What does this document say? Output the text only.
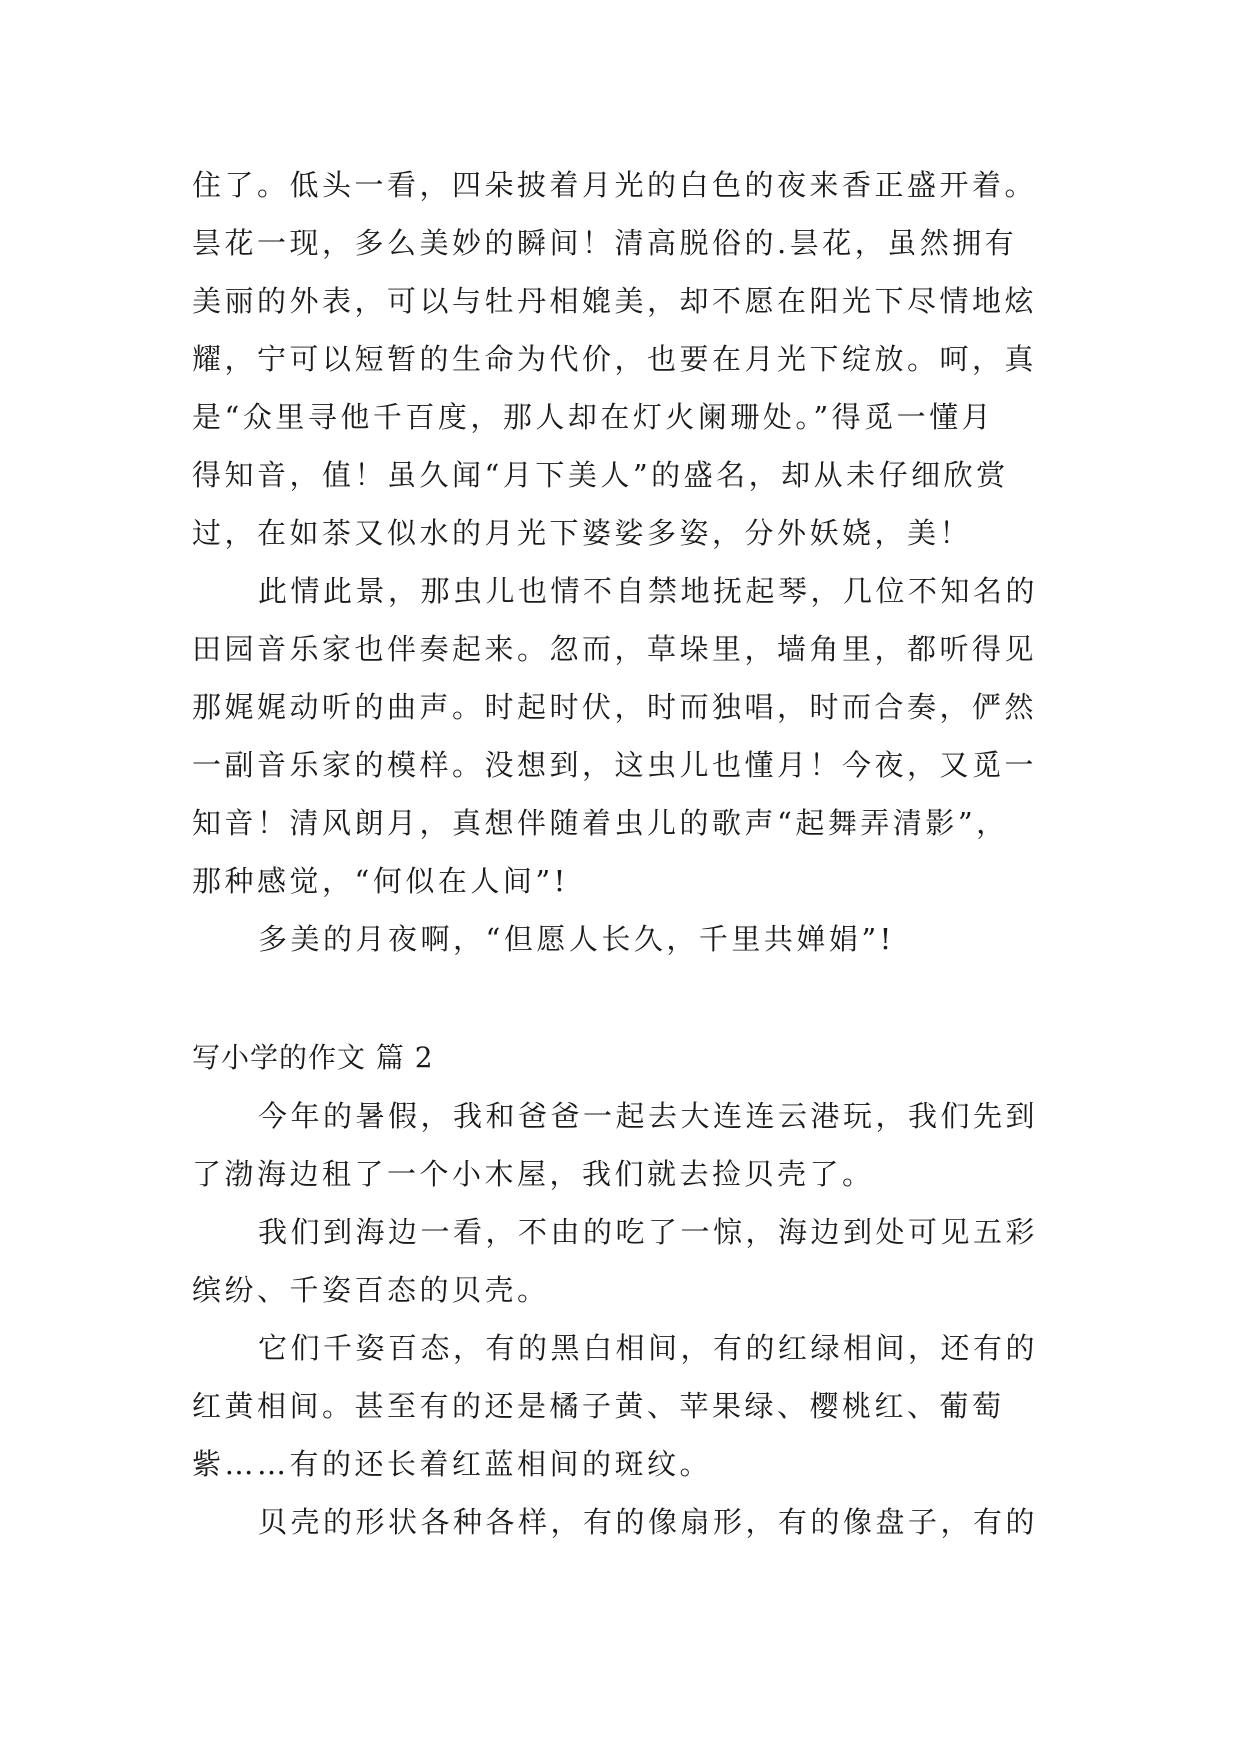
住了。低头一看，四朵披着月光的白色的夜来香正盛开着。
昙花一现，多么美妙的瞬间！清高脱俗的.昙花，虽然拥有
美丽的外表，可以与牡丹相媲美，却不愿在阳光下尽情地炫
耀，宁可以短暂的生命为代价，也要在月光下绽放。呵，真
是“众里寻他千百度，那人却在灯火阑珊处。”得觅一懂月
得知音，值！虽久闻“月下美人”的盛名，却从未仔细欣赏
过，在如茶又似水的月光下婆娑多姿，分外妖娆，美！
此情此景，那虫儿也情不自禁地抚起琴，几位不知名的
田园音乐家也伴奏起来。忽而，草垛里，墙角里，都听得见
那娓娓动听的曲声。时起时伏，时而独唱，时而合奏，俨然
一副音乐家的模样。没想到，这虫儿也懂月！今夜，又觅一
知音！清风朗月，真想伴随着虫儿的歌声“起舞弄清影”，
那种感觉，“何似在人间”!
多美的月夜啊，“但愿人长久，千里共婵娟”!
写小学的作文 篇 2
今年的暑假，我和爸爸一起去大连连云港玩，我们先到
了渤海边租了一个小木屋，我们就去捡贝壳了。
我们到海边一看，不由的吃了一惊，海边到处可见五彩
缤纷、千姿百态的贝壳。
它们千姿百态，有的黑白相间，有的红绿相间，还有的
红黄相间。甚至有的还是橘子黄、苹果绿、樱桃红、葡萄
紫……有的还长着红蓝相间的斑纹。
贝壳的形状各种各样，有的像扇形，有的像盘子，有的
